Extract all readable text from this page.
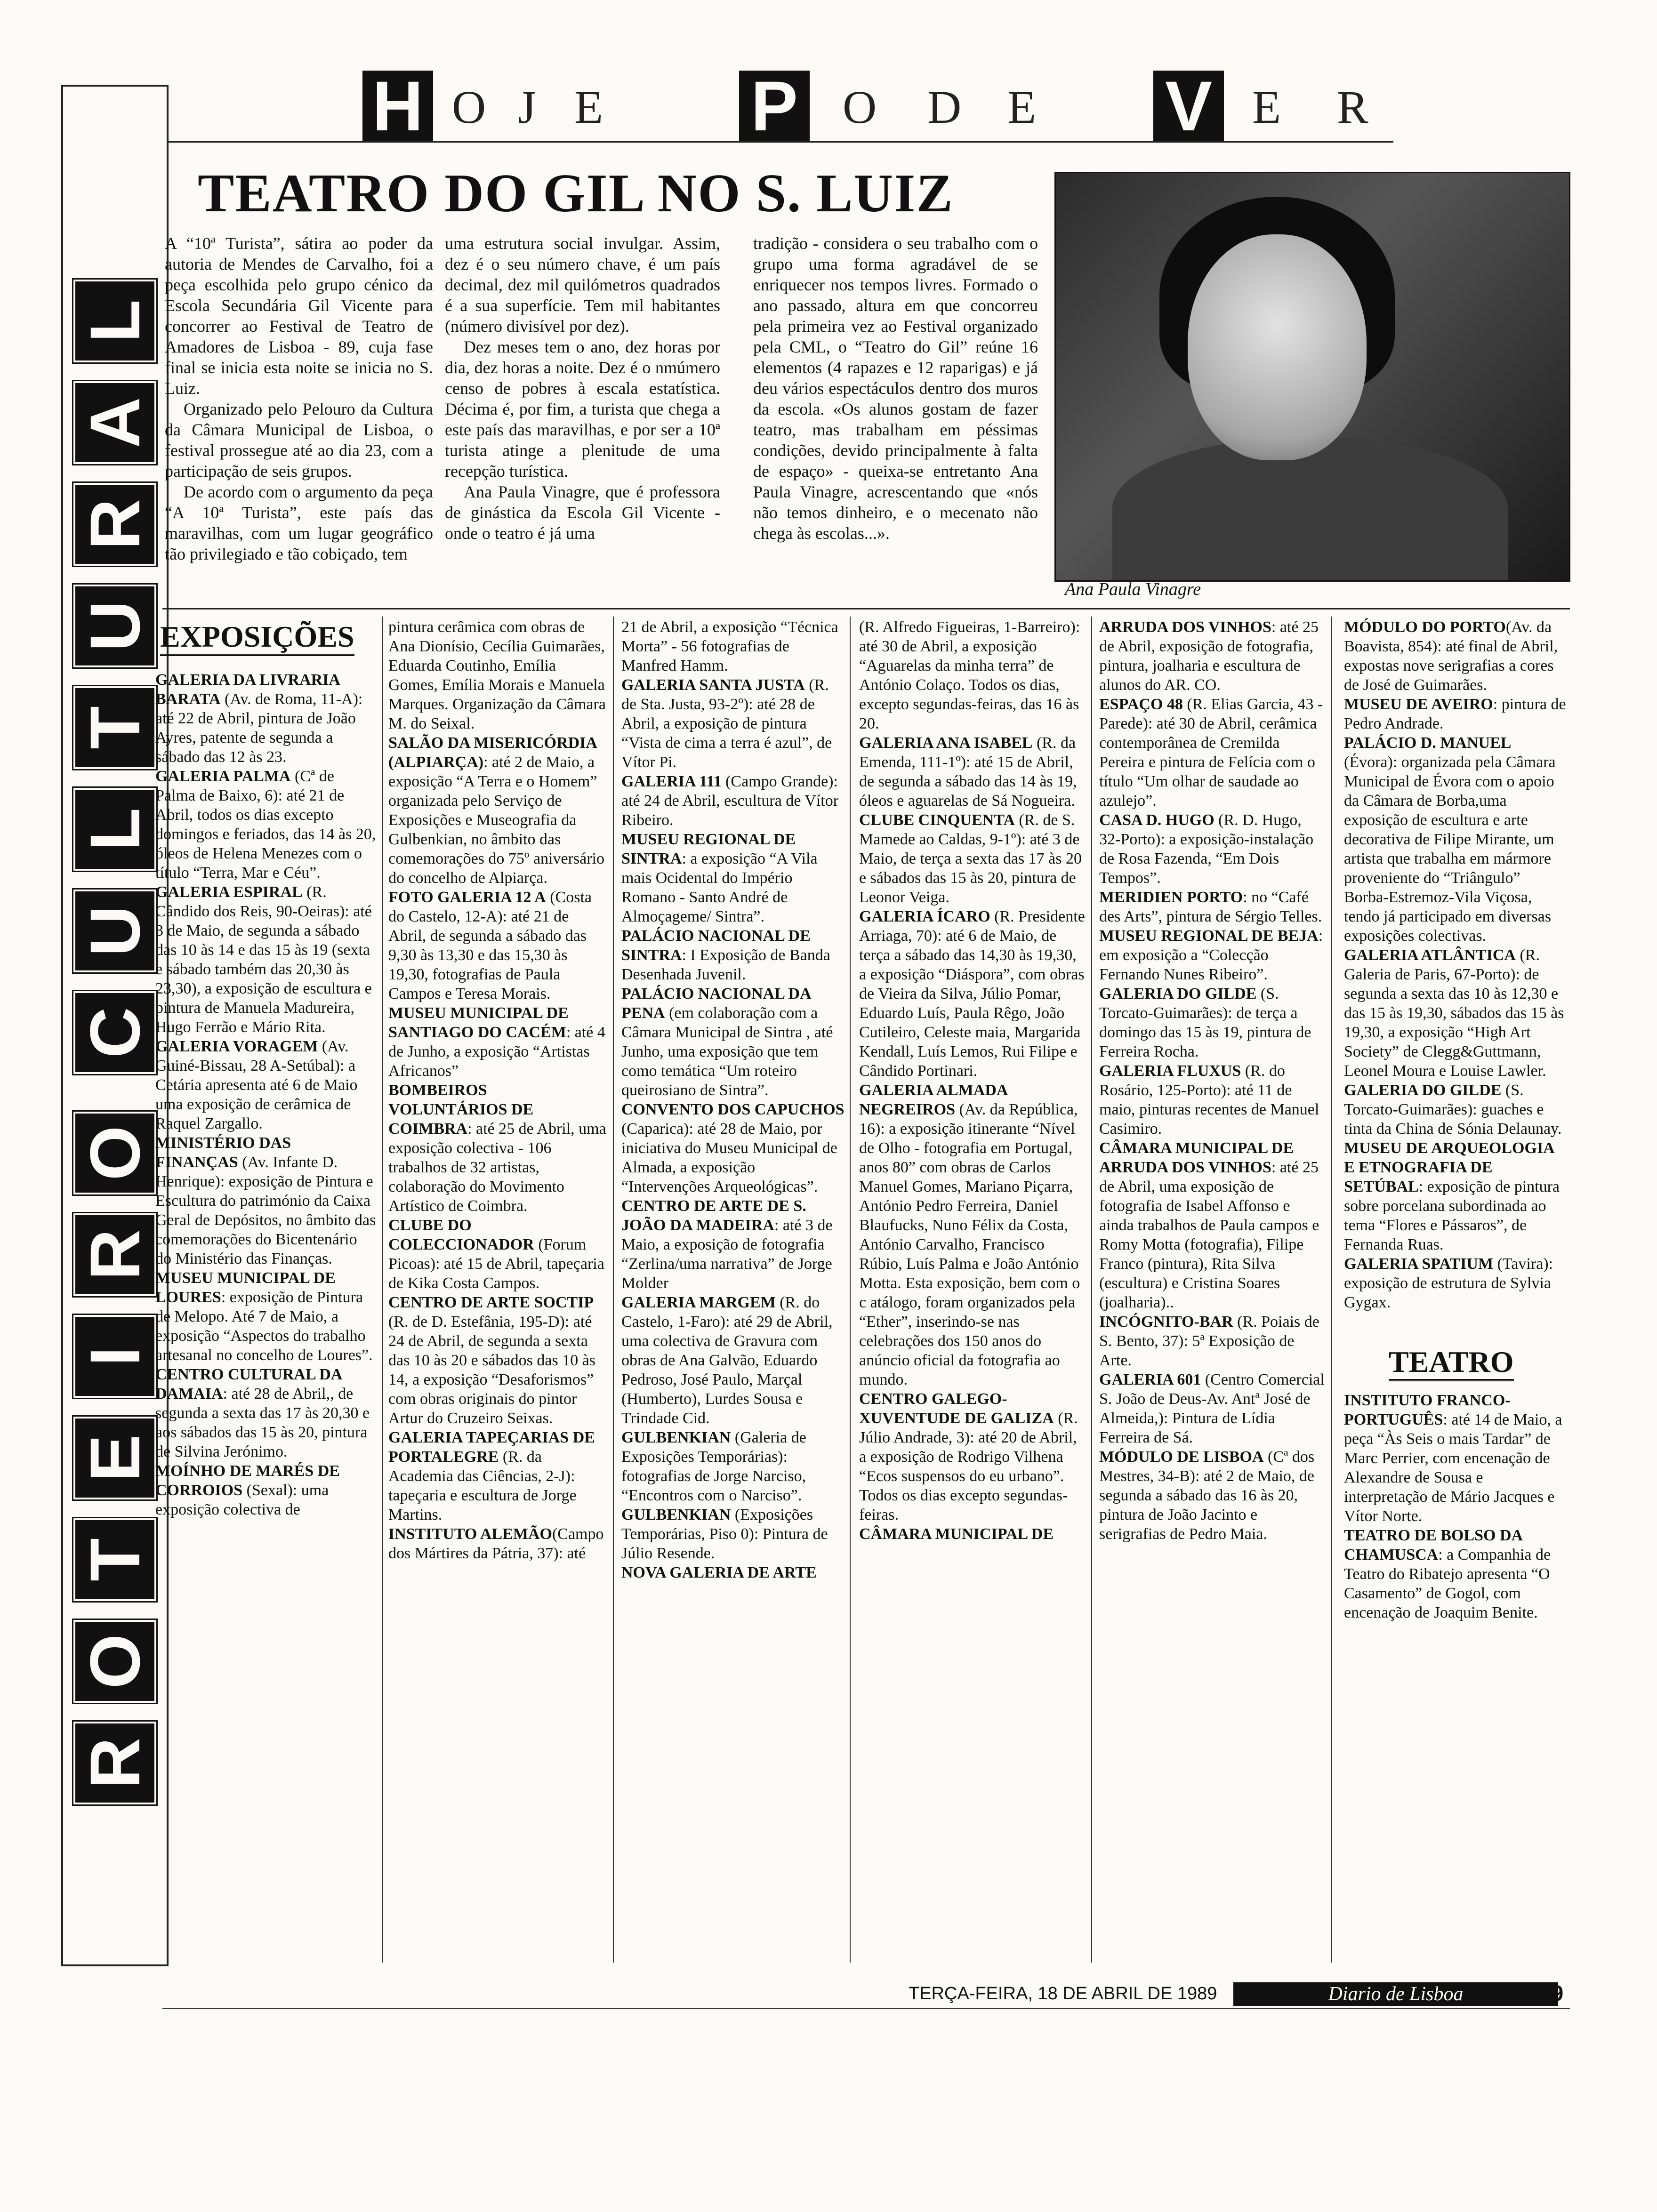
H O J E P O D E V E R
R
O
T
E
I
R
O
C
U
L
T
U
R
A
L
TEATRO DO GIL NO S. LUIZ

A “10ª Turista”, sátira ao poder da autoria de Mendes de Carvalho, foi a peça escolhida pelo grupo cénico da Escola Secundária Gil Vicente para concorrer ao Festival de Teatro de Amadores de Lisboa - 89, cuja fase final se inicia esta noite se inicia no S. Luiz.

Organizado pelo Pelouro da Cultura da Câmara Municipal de Lisboa, o festival prossegue até ao dia 23, com a participação de seis grupos.

De acordo com o argumento da peça “A 10ª Turista”, este país das maravilhas, com um lugar geográfico tão privilegiado e tão cobiçado, tem

uma estrutura social invulgar. Assim, dez é o seu número chave, é um país decimal, dez mil quilómetros quadrados é a sua superfície. Tem mil habitantes (número divisível por dez).

Dez meses tem o ano, dez horas por dia, dez horas a noite. Dez é o nmúmero censo de pobres à escala estatística. Décima é, por fim, a turista que chega a este país das maravilhas, e por ser a 10ª turista atinge a plenitude de uma recepção turística.

Ana Paula Vinagre, que é professora de ginástica da Escola Gil Vicente - onde o teatro é já uma

tradição - considera o seu trabalho com o grupo uma forma agradável de se enriquecer nos tempos livres. Formado o ano passado, altura em que concorreu pela primeira vez ao Festival organizado pela CML, o “Teatro do Gil” reúne 16 elementos (4 rapazes e 12 raparigas) e já deu vários espectáculos dentro dos muros da escola. «Os alunos gostam de fazer teatro, mas trabalham em péssimas condições, devido principalmente à falta de espaço» - queixa-se entretanto Ana Paula Vinagre, acrescentando que «nós não temos dinheiro, e o mecenato não chega às escolas...».

Ana Paula Vinagre
EXPOSIÇÕES

GALERIA DA LIVRARIA BARATA (Av. de Roma, 11-A): até 22 de Abril, pintura de João Ayres, patente de segunda a sábado das 12 às 23.

GALERIA PALMA (Cª de Palma de Baixo, 6): até 21 de Abril, todos os dias excepto domingos e feriados, das 14 às 20, óleos de Helena Menezes com o título “Terra, Mar e Céu”.

GALERIA ESPIRAL (R. Cândido dos Reis, 90-Oeiras): até 3 de Maio, de segunda a sábado das 10 às 14 e das 15 às 19 (sexta e sábado também das 20,30 às 23,30), a exposição de escultura e pintura de Manuela Madureira, Hugo Ferrão e Mário Rita.

GALERIA VORAGEM (Av. Guiné-Bissau, 28 A-Setúbal): a Cetária apresenta até 6 de Maio uma exposição de cerâmica de Raquel Zargallo.

MINISTÉRIO DAS FINANÇAS (Av. Infante D. Henrique): exposição de Pintura e Escultura do património da Caixa Geral de Depósitos, no âmbito das comemorações do Bicentenário do Ministério das Finanças.

MUSEU MUNICIPAL DE LOURES: exposição de Pintura de Melopo. Até 7 de Maio, a exposição “Aspectos do trabalho artesanal no concelho de Loures”.

CENTRO CULTURAL DA DAMAIA: até 28 de Abril,, de segunda a sexta das 17 às 20,30 e aos sábados das 15 às 20, pintura de Silvina Jerónimo.

MOÍNHO DE MARÉS DE CORROIOS (Sexal): uma exposição colectiva de

pintura cerâmica com obras de Ana Dionísio, Cecília Guimarães, Eduarda Coutinho, Emília Gomes, Emília Morais e Manuela Marques. Organização da Câmara M. do Seixal.

SALÃO DA MISERICÓRDIA (ALPIARÇA): até 2 de Maio, a exposição “A Terra e o Homem” organizada pelo Serviço de Exposições e Museografia da Gulbenkian, no âmbito das comemorações do 75º aniversário do concelho de Alpiarça.

FOTO GALERIA 12 A (Costa do Castelo, 12-A): até 21 de Abril, de segunda a sábado das 9,30 às 13,30 e das 15,30 às 19,30, fotografias de Paula Campos e Teresa Morais.

MUSEU MUNICIPAL DE SANTIAGO DO CACÉM: até 4 de Junho, a exposição “Artistas Africanos”

BOMBEIROS VOLUNTÁRIOS DE COIMBRA: até 25 de Abril, uma exposição colectiva - 106 trabalhos de 32 artistas, colaboração do Movimento Artístico de Coimbra.

CLUBE DO COLECCIONADOR (Forum Picoas): até 15 de Abril, tapeçaria de Kika Costa Campos.

CENTRO DE ARTE SOCTIP (R. de D. Estefânia, 195-D): até 24 de Abril, de segunda a sexta das 10 às 20 e sábados das 10 às 14, a exposição “Desaforismos” com obras originais do pintor Artur do Cruzeiro Seixas.

GALERIA TAPEÇARIAS DE PORTALEGRE (R. da Academia das Ciências, 2-J): tapeçaria e escultura de Jorge Martins.

INSTITUTO ALEMÃO(Campo dos Mártires da Pátria, 37): até

21 de Abril, a exposição “Técnica Morta” - 56 fotografias de Manfred Hamm.

GALERIA SANTA JUSTA (R. de Sta. Justa, 93-2º): até 28 de Abril, a exposição de pintura “Vista de cima a terra é azul”, de Vítor Pi.

GALERIA 111 (Campo Grande): até 24 de Abril, escultura de Vítor Ribeiro.

MUSEU REGIONAL DE SINTRA: a exposição “A Vila mais Ocidental do Império Romano - Santo André de Almoçageme/ Sintra”.

PALÁCIO NACIONAL DE SINTRA: I Exposição de Banda Desenhada Juvenil.

PALÁCIO NACIONAL DA PENA (em colaboração com a Câmara Municipal de Sintra , até Junho, uma exposição que tem como temática “Um roteiro queirosiano de Sintra”.

CONVENTO DOS CAPUCHOS (Caparica): até 28 de Maio, por iniciativa do Museu Municipal de Almada, a exposição “Intervenções Arqueológicas”.

CENTRO DE ARTE DE S. JOÃO DA MADEIRA: até 3 de Maio, a exposição de fotografia “Zerlina/uma narrativa” de Jorge Molder

GALERIA MARGEM (R. do Castelo, 1-Faro): até 29 de Abril, uma colectiva de Gravura com obras de Ana Galvão, Eduardo Pedroso, José Paulo, Marçal (Humberto), Lurdes Sousa e Trindade Cid.

GULBENKIAN (Galeria de Exposições Temporárias): fotografias de Jorge Narciso, “Encontros com o Narciso”.

GULBENKIAN (Exposições Temporárias, Piso 0): Pintura de Júlio Resende.

NOVA GALERIA DE ARTE

(R. Alfredo Figueiras, 1-Barreiro): até 30 de Abril, a exposição “Aguarelas da minha terra” de António Colaço. Todos os dias, excepto segundas-feiras, das 16 às 20.

GALERIA ANA ISABEL (R. da Emenda, 111-1º): até 15 de Abril, de segunda a sábado das 14 às 19, óleos e aguarelas de Sá Nogueira.

CLUBE CINQUENTA (R. de S. Mamede ao Caldas, 9-1º): até 3 de Maio, de terça a sexta das 17 às 20 e sábados das 15 às 20, pintura de Leonor Veiga.

GALERIA ÍCARO (R. Presidente Arriaga, 70): até 6 de Maio, de terça a sábado das 14,30 às 19,30, a exposição “Diáspora”, com obras de Vieira da Silva, Júlio Pomar, Eduardo Luís, Paula Rêgo, João Cutileiro, Celeste maia, Margarida Kendall, Luís Lemos, Rui Filipe e Cândido Portinari.

GALERIA ALMADA NEGREIROS (Av. da República, 16): a exposição itinerante “Nível de Olho - fotografia em Portugal, anos 80” com obras de Carlos Manuel Gomes, Mariano Piçarra, António Pedro Ferreira, Daniel Blaufucks, Nuno Félix da Costa, António Carvalho, Francisco Rúbio, Luís Palma e João António Motta. Esta exposição, bem com o c atálogo, foram organizados pela “Ether”, inserindo-se nas celebrações dos 150 anos do anúncio oficial da fotografia ao mundo.

CENTRO GALEGO-XUVENTUDE DE GALIZA (R. Júlio Andrade, 3): até 20 de Abril, a exposição de Rodrigo Vilhena “Ecos suspensos do eu urbano”. Todos os dias excepto segundas-feiras.

CÂMARA MUNICIPAL DE

ARRUDA DOS VINHOS: até 25 de Abril, exposição de fotografia, pintura, joalharia e escultura de alunos do AR. CO.

ESPAÇO 48 (R. Elias Garcia, 43 - Parede): até 30 de Abril, cerâmica contemporânea de Cremilda Pereira e pintura de Felícia com o título “Um olhar de saudade ao azulejo”.

CASA D. HUGO (R. D. Hugo, 32-Porto): a exposição-instalação de Rosa Fazenda, “Em Dois Tempos”.

MERIDIEN PORTO: no “Café des Arts”, pintura de Sérgio Telles.

MUSEU REGIONAL DE BEJA: em exposição a “Colecção Fernando Nunes Ribeiro”.

GALERIA DO GILDE (S. Torcato-Guimarães): de terça a domingo das 15 às 19, pintura de Ferreira Rocha.

GALERIA FLUXUS (R. do Rosário, 125-Porto): até 11 de maio, pinturas recentes de Manuel Casimiro.

CÂMARA MUNICIPAL DE ARRUDA DOS VINHOS: até 25 de Abril, uma exposição de fotografia de Isabel Affonso e ainda trabalhos de Paula campos e Romy Motta (fotografia), Filipe Franco (pintura), Rita Silva (escultura) e Cristina Soares (joalharia)..

INCÓGNITO-BAR (R. Poiais de S. Bento, 37): 5ª Exposição de Arte.

GALERIA 601 (Centro Comercial S. João de Deus-Av. Antª José de Almeida,): Pintura de Lídia Ferreira de Sá.

MÓDULO DE LISBOA (Cª dos Mestres, 34-B): até 2 de Maio, de segunda a sábado das 16 às 20, pintura de João Jacinto e serigrafias de Pedro Maia.

MÓDULO DO PORTO(Av. da Boavista, 854): até final de Abril, expostas nove serigrafias a cores de José de Guimarães.

MUSEU DE AVEIRO: pintura de Pedro Andrade.

PALÁCIO D. MANUEL (Évora): organizada pela Câmara Municipal de Évora com o apoio da Câmara de Borba,uma exposição de escultura e arte decorativa de Filipe Mirante, um artista que trabalha em mármore proveniente do “Triângulo” Borba-Estremoz-Vila Viçosa, tendo já participado em diversas exposições colectivas.

GALERIA ATLÂNTICA (R. Galeria de Paris, 67-Porto): de segunda a sexta das 10 às 12,30 e das 15 às 19,30, sábados das 15 às 19,30, a exposição “High Art Society” de Clegg&Guttmann, Leonel Moura e Louise Lawler.

GALERIA DO GILDE (S. Torcato-Guimarães): guaches e tinta da China de Sónia Delaunay.

MUSEU DE ARQUEOLOGIA E ETNOGRAFIA DE SETÚBAL: exposição de pintura sobre porcelana subordinada ao tema “Flores e Pássaros”, de Fernanda Ruas.

GALERIA SPATIUM (Tavira): exposição de estrutura de Sylvia Gygax.

TEATRO

INSTITUTO FRANCO-PORTUGUÊS: até 14 de Maio, a peça “Às Seis o mais Tardar” de Marc Perrier, com encenação de Alexandre de Sousa e interpretação de Mário Jacques e Vítor Norte.

TEATRO DE BOLSO DA CHAMUSCA: a Companhia de Teatro do Ribatejo apresenta “O Casamento” de Gogol, com encenação de Joaquim Benite.

TERÇA-FEIRA, 18 DE ABRIL DE 1989	Diario de Lisboa	29
